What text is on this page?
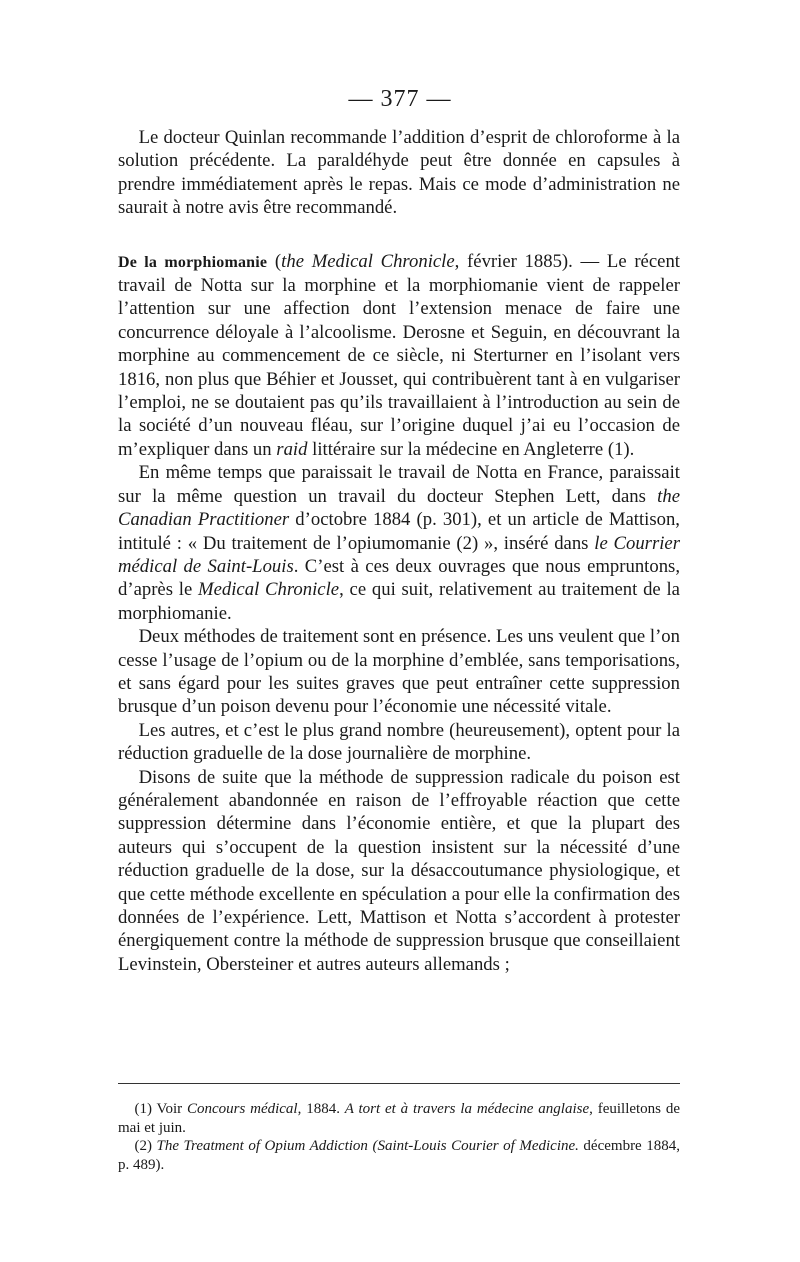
— 377 —

Le docteur Quinlan recommande l’addition d’esprit de chloroforme à la solution précédente. La paraldéhyde peut être donnée en capsules à prendre immédiatement après le repas. Mais ce mode d’administration ne saurait à notre avis être recommandé.

De la morphiomanie (the Medical Chronicle, février 1885). — Le récent travail de Notta sur la morphine et la morphiomanie vient de rappeler l’attention sur une affection dont l’extension menace de faire une concurrence déloyale à l’alcoolisme. Derosne et Seguin, en découvrant la morphine au commencement de ce siècle, ni Sterturner en l’isolant vers 1816, non plus que Béhier et Jousset, qui contribuèrent tant à en vulgariser l’emploi, ne se doutaient pas qu’ils travaillaient à l’introduction au sein de la société d’un nouveau fléau, sur l’origine duquel j’ai eu l’occasion de m’expliquer dans un raid littéraire sur la médecine en Angleterre (1).

En même temps que paraissait le travail de Notta en France, paraissait sur la même question un travail du docteur Stephen Lett, dans the Canadian Practitioner d’octobre 1884 (p. 301), et un article de Mattison, intitulé : « Du traitement de l’opiumomanie (2) », inséré dans le Courrier médical de Saint-Louis. C’est à ces deux ouvrages que nous empruntons, d’après le Medical Chronicle, ce qui suit, relativement au traitement de la morphiomanie.

Deux méthodes de traitement sont en présence. Les uns veulent que l’on cesse l’usage de l’opium ou de la morphine d’emblée, sans temporisations, et sans égard pour les suites graves que peut entraîner cette suppression brusque d’un poison devenu pour l’économie une nécessité vitale.

Les autres, et c’est le plus grand nombre (heureusement), optent pour la réduction graduelle de la dose journalière de morphine.

Disons de suite que la méthode de suppression radicale du poison est généralement abandonnée en raison de l’effroyable réaction que cette suppression détermine dans l’économie entière, et que la plupart des auteurs qui s’occupent de la question insistent sur la nécessité d’une réduction graduelle de la dose, sur la désaccoutumance physiologique, et que cette méthode excellente en spéculation a pour elle la confirmation des données de l’expérience. Lett, Mattison et Notta s’accordent à protester énergiquement contre la méthode de suppression brusque que conseillaient Levinstein, Obersteiner et autres auteurs allemands ;

(1) Voir Concours médical, 1884. A tort et à travers la médecine anglaise, feuilletons de mai et juin.

(2) The Treatment of Opium Addiction (Saint-Louis Courier of Medicine. décembre 1884, p. 489).
